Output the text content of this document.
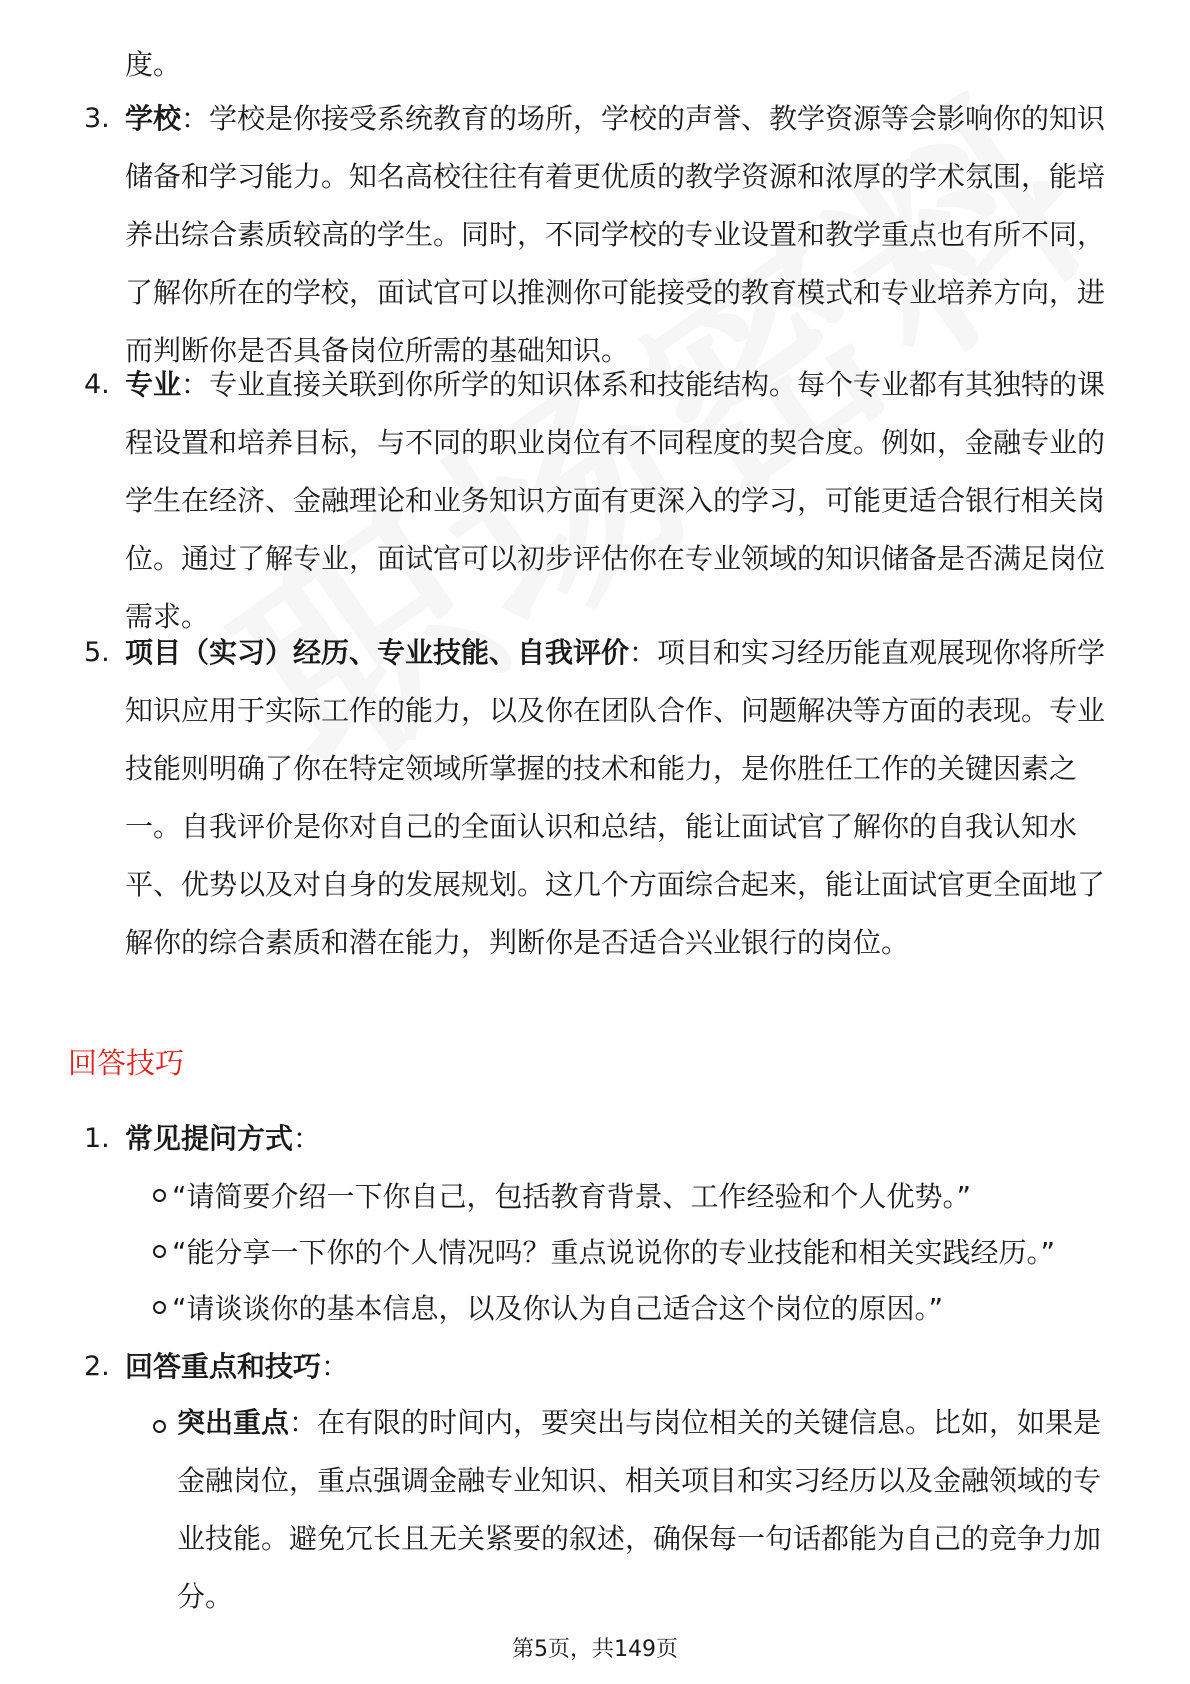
度。

3. 学校：学校是你接受系统教育的场所，学校的声誉、教学资源等会影响你的知识储备和学习能力。知名高校往往有着更优质的教学资源和浓厚的学术氛围，能培养出综合素质较高的学生。同时，不同学校的专业设置和教学重点也有所不同，了解你所在的学校，面试官可以推测你可能接受的教育模式和专业培养方向，进而判断你是否具备岗位所需的基础知识。

4. 专业：专业直接关联到你所学的知识体系和技能结构。每个专业都有其独特的课程设置和培养目标，与不同的职业岗位有不同程度的契合度。例如，金融专业的学生在经济、金融理论和业务知识方面有更深入的学习，可能更适合银行相关岗位。通过了解专业，面试官可以初步评估你在专业领域的知识储备是否满足岗位需求。

5. 项目（实习）经历、专业技能、自我评价：项目和实习经历能直观展现你将所学知识应用于实际工作的能力，以及你在团队合作、问题解决等方面的表现。专业技能则明确了你在特定领域所掌握的技术和能力，是你胜任工作的关键因素之一。自我评价是你对自己的全面认识和总结，能让面试官了解你的自我认知水平、优势以及对自身的发展规划。这几个方面综合起来，能让面试官更全面地了解你的综合素质和潜在能力，判断你是否适合兴业银行的岗位。

回答技巧
1. 常见提问方式：

“请简要介绍一下你自己，包括教育背景、工作经验和个人优势。”
“能分享一下你的个人情况吗？重点说说你的专业技能和相关实践经历。”
“请谈谈你的基本信息，以及你认为自己适合这个岗位的原因。”
2. 回答重点和技巧：

突出重点：在有限的时间内，要突出与岗位相关的关键信息。比如，如果是金融岗位，重点强调金融专业知识、相关项目和实习经历以及金融领域的专业技能。避免冗长且无关紧要的叙述，确保每一句话都能为自己的竞争力加分。

第5页，共149页
